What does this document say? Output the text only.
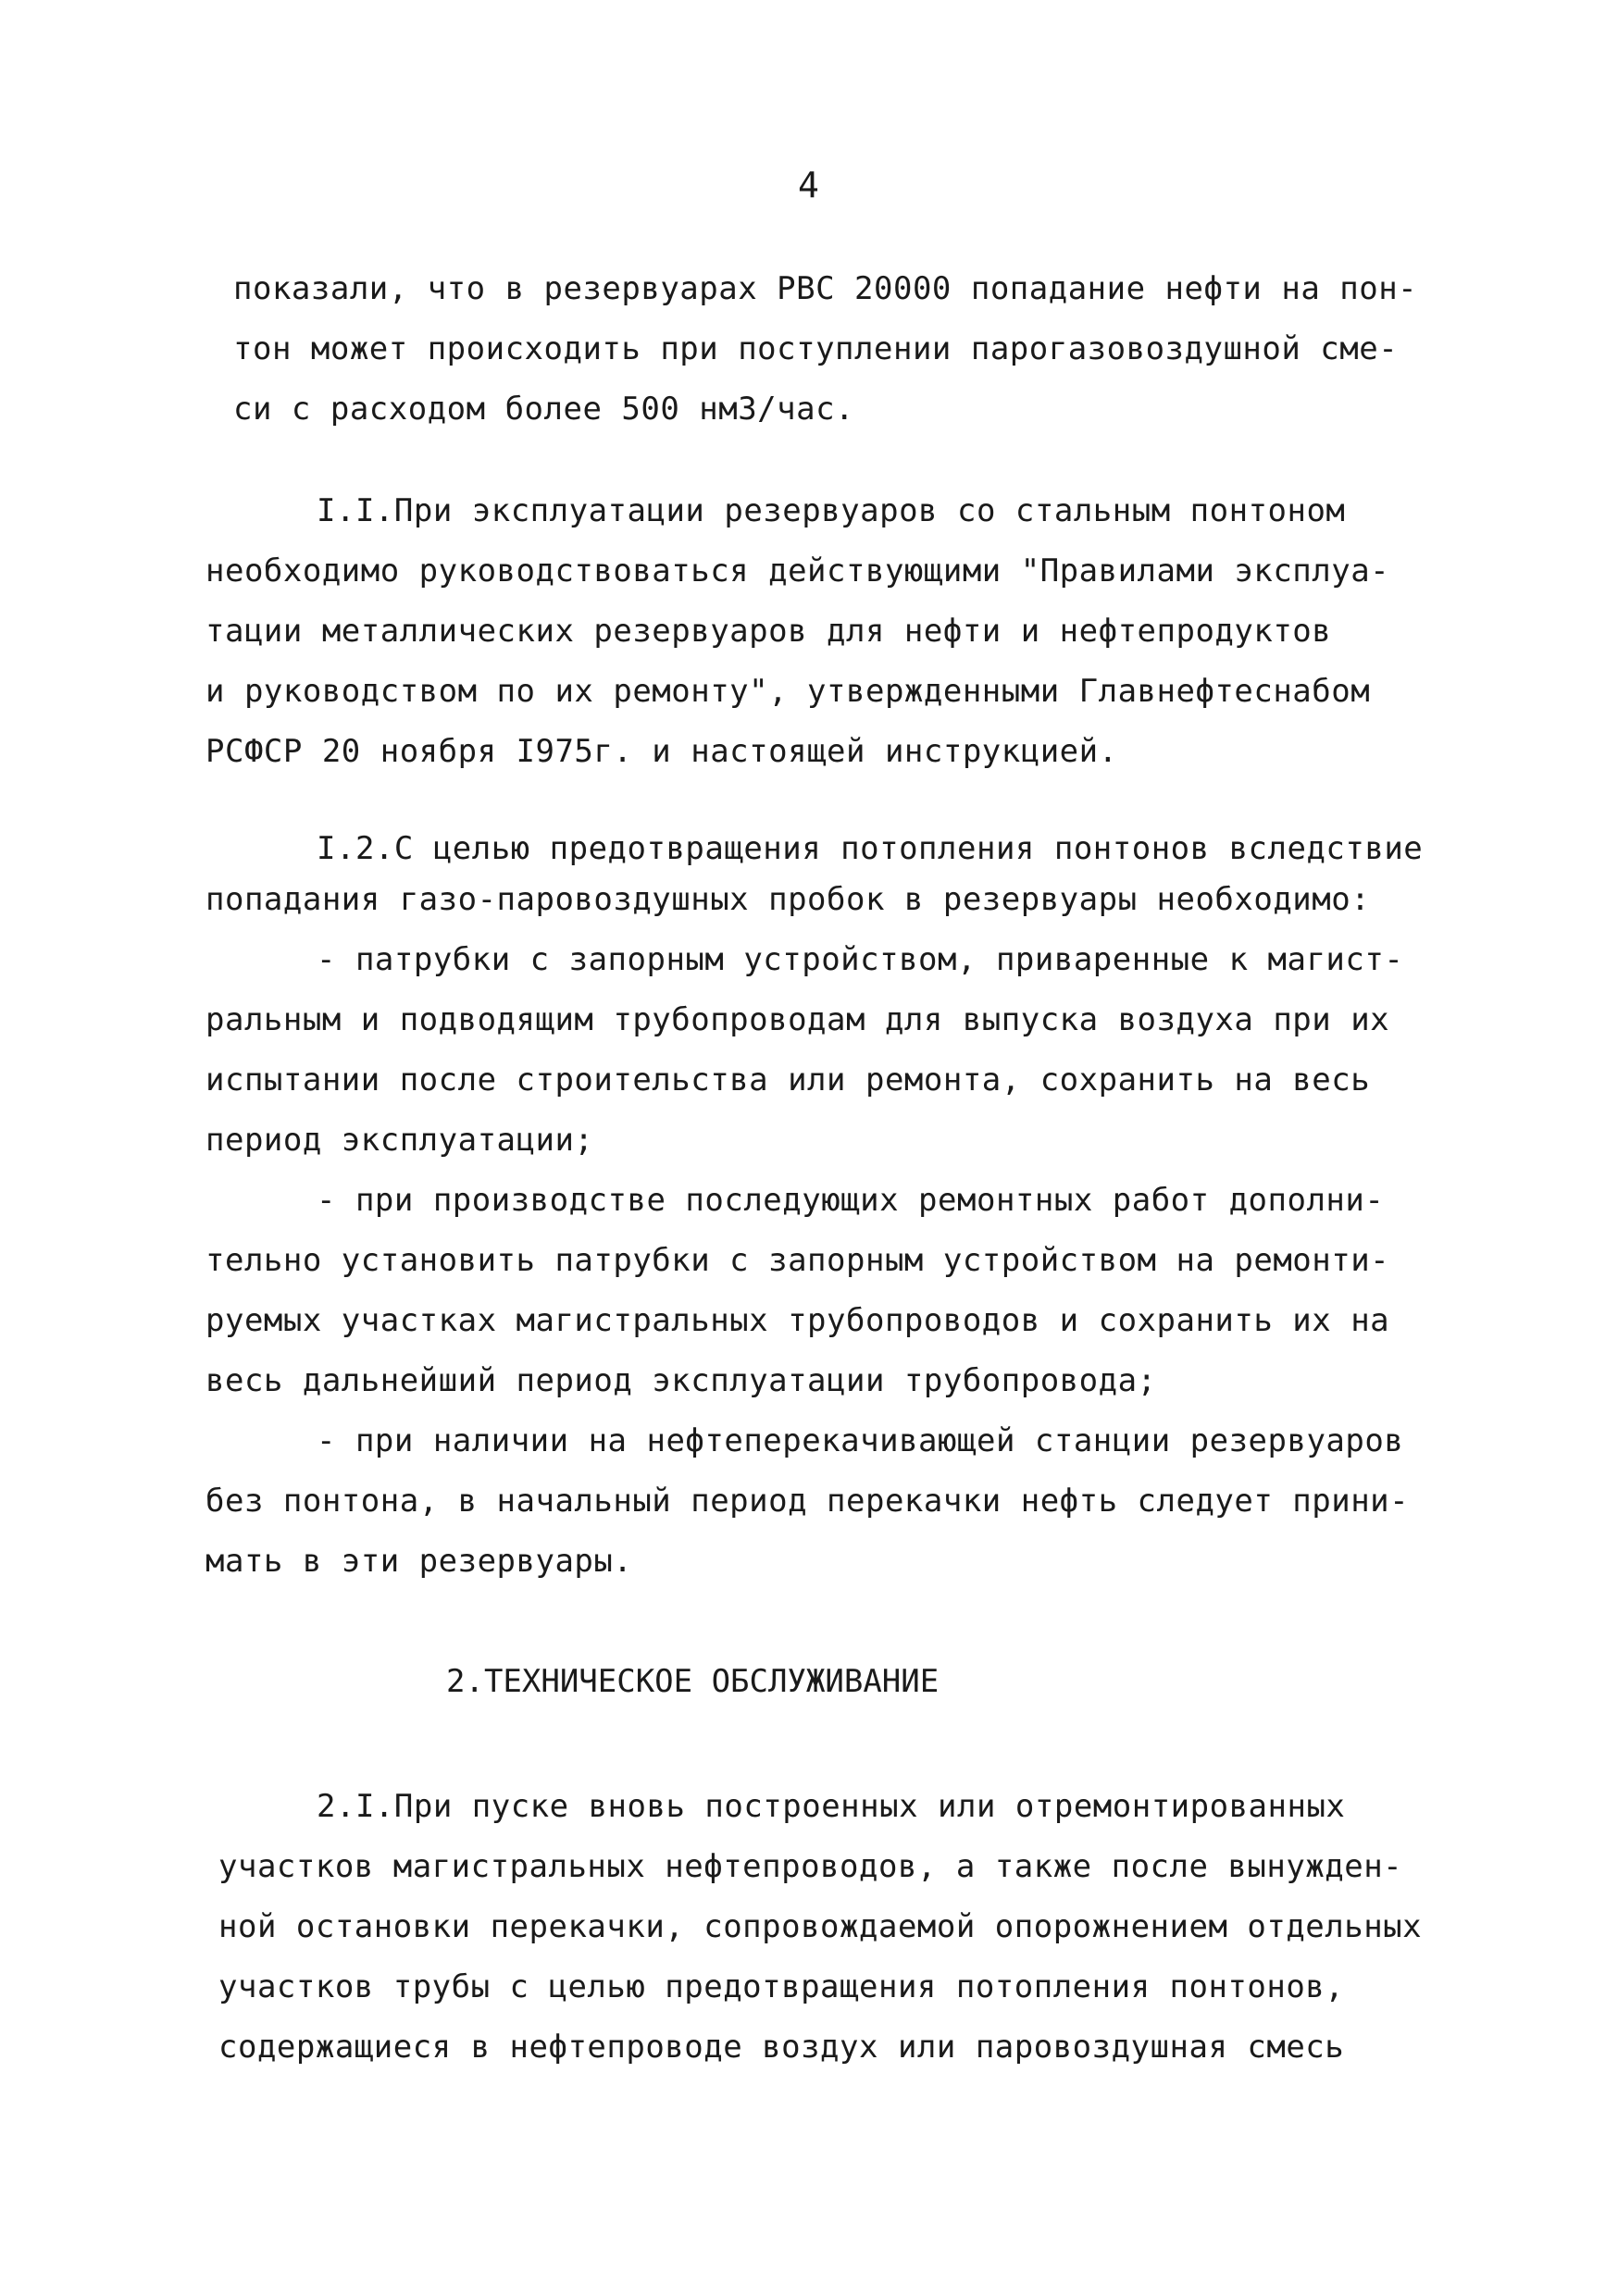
4
показали, что в резервуарах РВС 20000 попадание нефти на пон-
тон может происходить при поступлении парогазовоздушной сме-
си с расходом более 500 нм3/час.
I.I.При эксплуатации резервуаров со стальным понтоном
необходимо руководствоваться действующими "Правилами эксплуа-
тации металлических резервуаров для нефти и нефтепродуктов
и руководством по их ремонту", утвержденными Главнефтеснабом
РСФСР 20 ноября I975г. и настоящей инструкцией.
I.2.С целью предотвращения потопления понтонов вследствие
попадания газо-паровоздушных пробок в резервуары необходимо:
- патрубки с запорным устройством, приваренные к магист-
ральным и подводящим трубопроводам для выпуска воздуха при их
испытании после строительства или ремонта, сохранить на весь
период эксплуатации;
- при производстве последующих ремонтных работ дополни-
тельно установить патрубки с запорным устройством на ремонти-
руемых участках магистральных трубопроводов и сохранить их на
весь дальнейший период эксплуатации трубопровода;
- при наличии на нефтеперекачивающей станции резервуаров
без понтона, в начальный период перекачки нефть следует прини-
мать в эти резервуары.
2.ТЕХНИЧЕСКОЕ ОБСЛУЖИВАНИЕ
2.I.При пуске вновь построенных или отремонтированных
участков магистральных нефтепроводов, а также после вынужден-
ной остановки перекачки, сопровождаемой опорожнением отдельных
участков трубы с целью предотвращения потопления понтонов,
содержащиеся в нефтепроводе воздух или паровоздушная смесь
